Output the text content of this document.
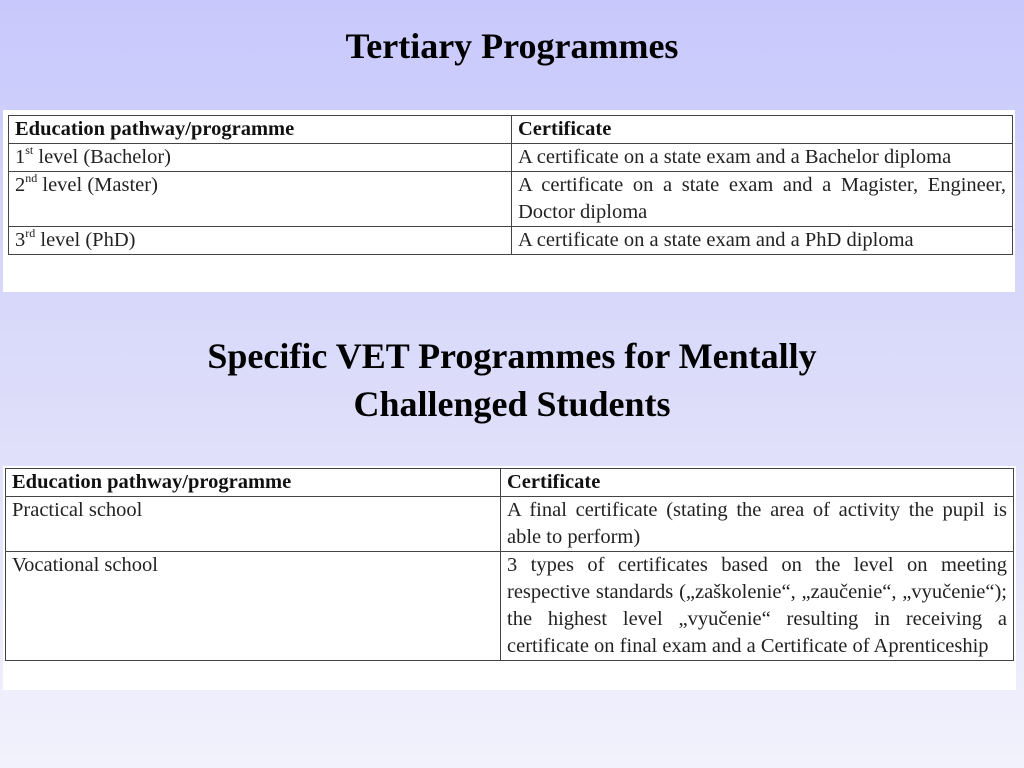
Tertiary Programmes
Education pathway/programme	Certificate
1st level (Bachelor)	A certificate on a state exam and a Bachelor diploma
2nd level (Master)	A certificate on a state exam and a Magister, Engineer, Doctor diploma
3rd level (PhD)	A certificate on a state exam and a PhD diploma
Specific VET Programmes for Mentally
Challenged Students
Education pathway/programme	Certificate
Practical school	A final certificate (stating the area of activity the pupil is able to perform)
Vocational school	3 types of certificates based on the level on meeting respective standards („zaškolenie“, „zaučenie“, „vyučenie“); the highest level „vyučenie“ resulting in receiving a certificate on final exam and a Certificate of Aprenticeship
